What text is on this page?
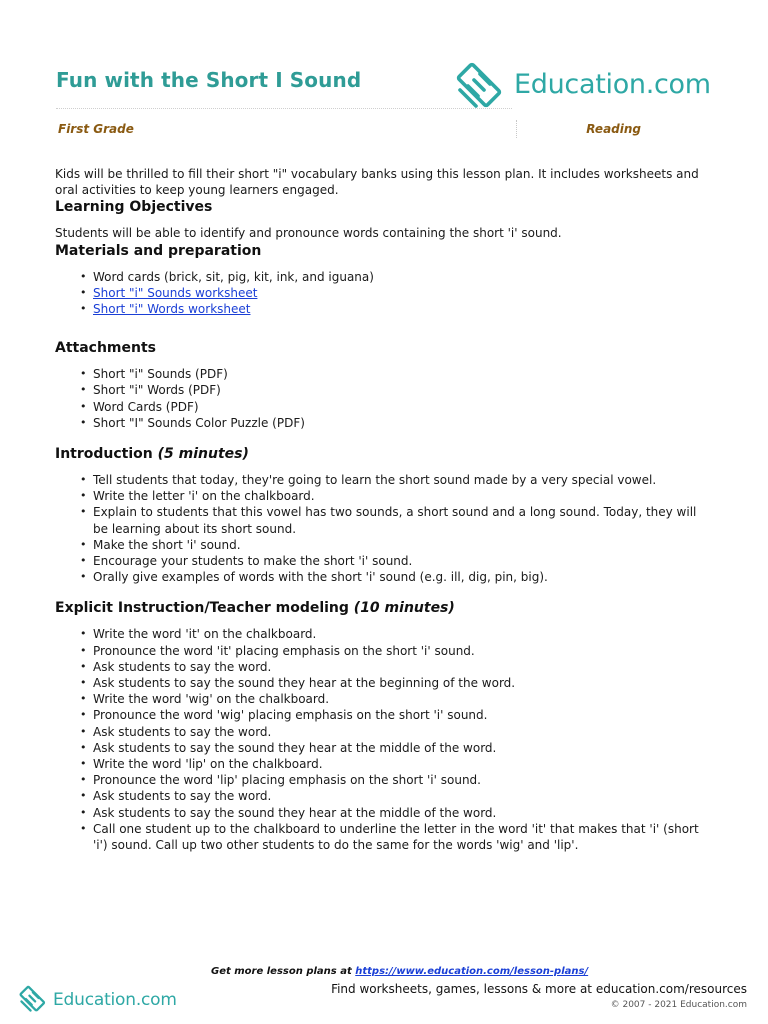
Fun with the Short I Sound	Education.com
First Grade	Reading

Kids will be thrilled to fill their short "i" vocabulary banks using this lesson plan. It includes worksheets and oral activities to keep young learners engaged.

Learning Objectives

Students will be able to identify and pronounce words containing the short 'i' sound.

Materials and preparation
• Word cards (brick, sit, pig, kit, ink, and iguana)
• Short "i" Sounds worksheet
• Short "i" Words worksheet
Attachments
• Short "i" Sounds (PDF)
• Short "i" Words (PDF)
• Word Cards (PDF)
• Short "I" Sounds Color Puzzle (PDF)
Introduction (5 minutes)
• Tell students that today, they're going to learn the short sound made by a very special vowel.
• Write the letter 'i' on the chalkboard.
• Explain to students that this vowel has two sounds, a short sound and a long sound. Today, they will be learning about its short sound.
• Make the short 'i' sound.
• Encourage your students to make the short 'i' sound.
• Orally give examples of words with the short 'i' sound (e.g. ill, dig, pin, big).
Explicit Instruction/Teacher modeling (10 minutes)
• Write the word 'it' on the chalkboard.
• Pronounce the word 'it' placing emphasis on the short 'i' sound.
• Ask students to say the word.
• Ask students to say the sound they hear at the beginning of the word.
• Write the word 'wig' on the chalkboard.
• Pronounce the word 'wig' placing emphasis on the short 'i' sound.
• Ask students to say the word.
• Ask students to say the sound they hear at the middle of the word.
• Write the word 'lip' on the chalkboard.
• Pronounce the word 'lip' placing emphasis on the short 'i' sound.
• Ask students to say the word.
• Ask students to say the sound they hear at the middle of the word.
• Call one student up to the chalkboard to underline the letter in the word 'it' that makes that 'i' (short 'i') sound. Call up two other students to do the same for the words 'wig' and 'lip'.
Get more lesson plans at https://www.education.com/lesson-plans/
Education.com
Find worksheets, games, lessons & more at education.com/resources
© 2007 - 2021 Education.com
